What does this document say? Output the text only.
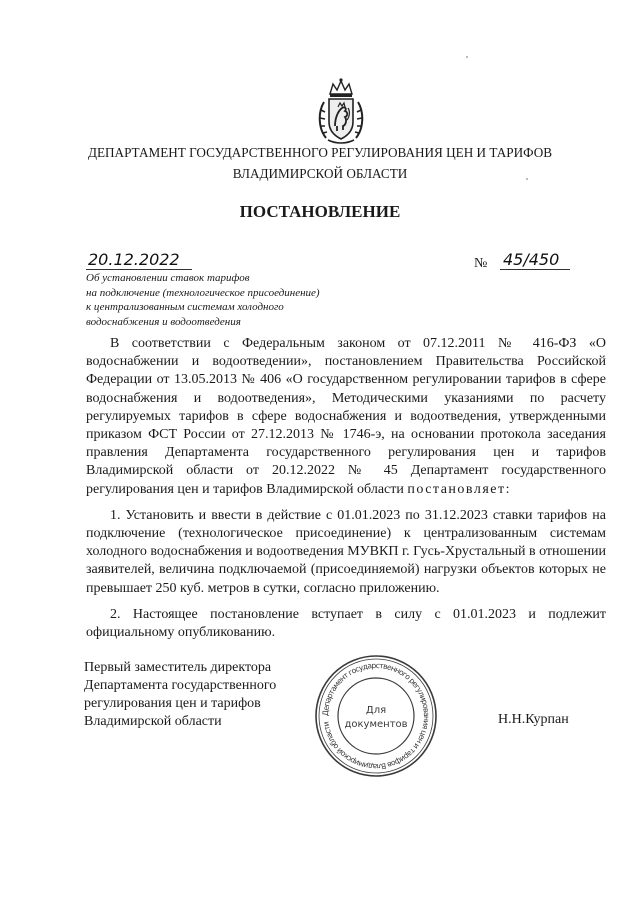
ДЕПАРТАМЕНТ ГОСУДАРСТВЕННОГО РЕГУЛИРОВАНИЯ ЦЕН И ТАРИФОВ
ВЛАДИМИРСКОЙ ОБЛАСТИ
ПОСТАНОВЛЕНИЕ
20.12.2022	№ 45/450
Об установлении ставок тарифов
на подключение (технологическое присоединение)
к централизованным системам холодного
водоснабжения и водоотведения

В соответствии с Федеральным законом от 07.12.2011 № 416-ФЗ «О водоснабжении и водоотведении», постановлением Правительства Российской Федерации от 13.05.2013 № 406 «О государственном регулировании тарифов в сфере водоснабжения и водоотведения», Методическими указаниями по расчету регулируемых тарифов в сфере водоснабжения и водоотведения, утвержденными приказом ФСТ России от 27.12.2013 № 1746-э, на основании протокола заседания правления Департамента государственного регулирования цен и тарифов Владимирской области от 20.12.2022 № 45 Департамент государственного регулирования цен и тарифов Владимирской области постановляет:

1. Установить и ввести в действие с 01.01.2023 по 31.12.2023 ставки тарифов на подключение (технологическое присоединение) к централизованным системам холодного водоснабжения и водоотведения МУВКП г. Гусь-Хрустальный в отношении заявителей, величина подключаемой (присоединяемой) нагрузки объектов которых не превышает 250 куб. метров в сутки, согласно приложению.

2. Настоящее постановление вступает в силу с 01.01.2023 и подлежит официальному опубликованию.

Первый заместитель директора
Департамента государственного
регулирования цен и тарифов
Владимирской области
Департамент государственного регулирования цен и тарифов Владимирской области
Для
документов	Н.Н.Курпан
